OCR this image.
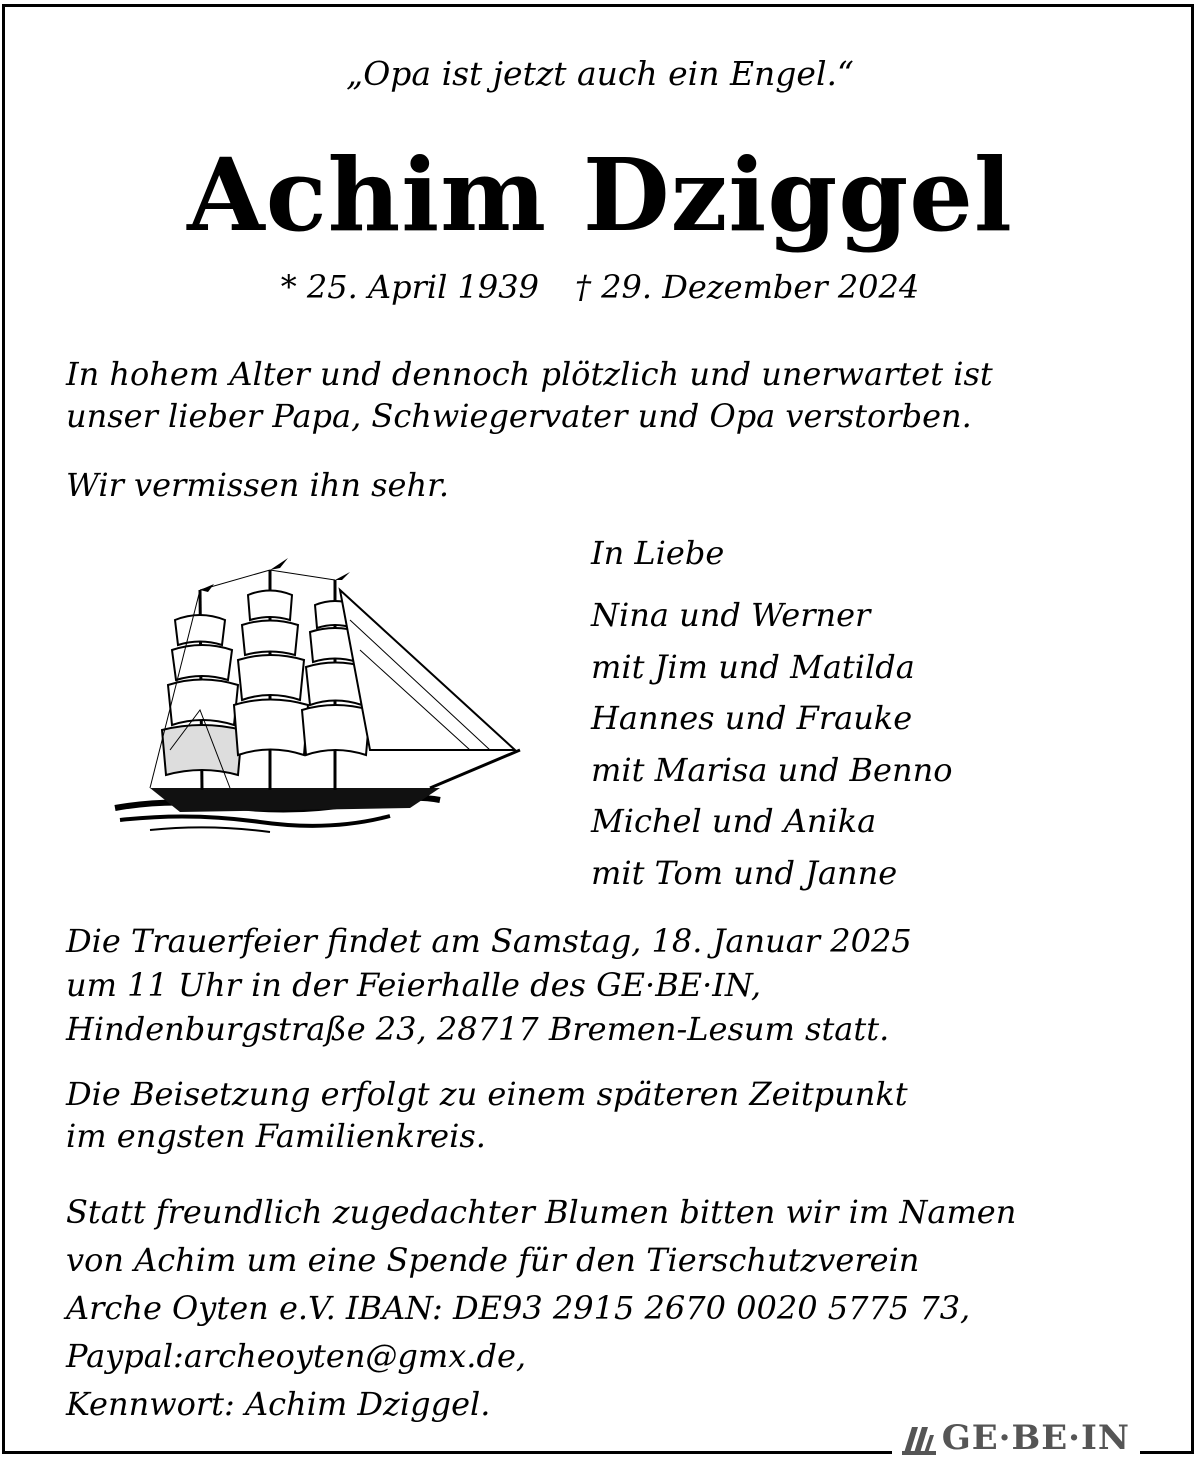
„Opa ist jetzt auch ein Engel.“
Achim Dziggel
* 25. April 1939 † 29. Dezember 2024
In hohem Alter und dennoch plötzlich und unerwartet ist
unser lieber Papa, Schwiegervater und Opa verstorben.
Wir vermissen ihn sehr.
In Liebe
Nina und Werner
mit Jim und Matilda
Hannes und Frauke
mit Marisa und Benno
Michel und Anika
mit Tom und Janne
Die Trauerfeier findet am Samstag, 18. Januar 2025
um 11 Uhr in der Feierhalle des GE·BE·IN,
Hindenburgstraße 23, 28717 Bremen-Lesum statt.
Die Beisetzung erfolgt zu einem späteren Zeitpunkt
im engsten Familienkreis.
Statt freundlich zugedachter Blumen bitten wir im Namen
von Achim um eine Spende für den Tierschutzverein
Arche Oyten e.V. IBAN: DE93 2915 2670 0020 5775 73,
Paypal:archeoyten@gmx.de,
Kennwort: Achim Dziggel.
GE·BE·IN
